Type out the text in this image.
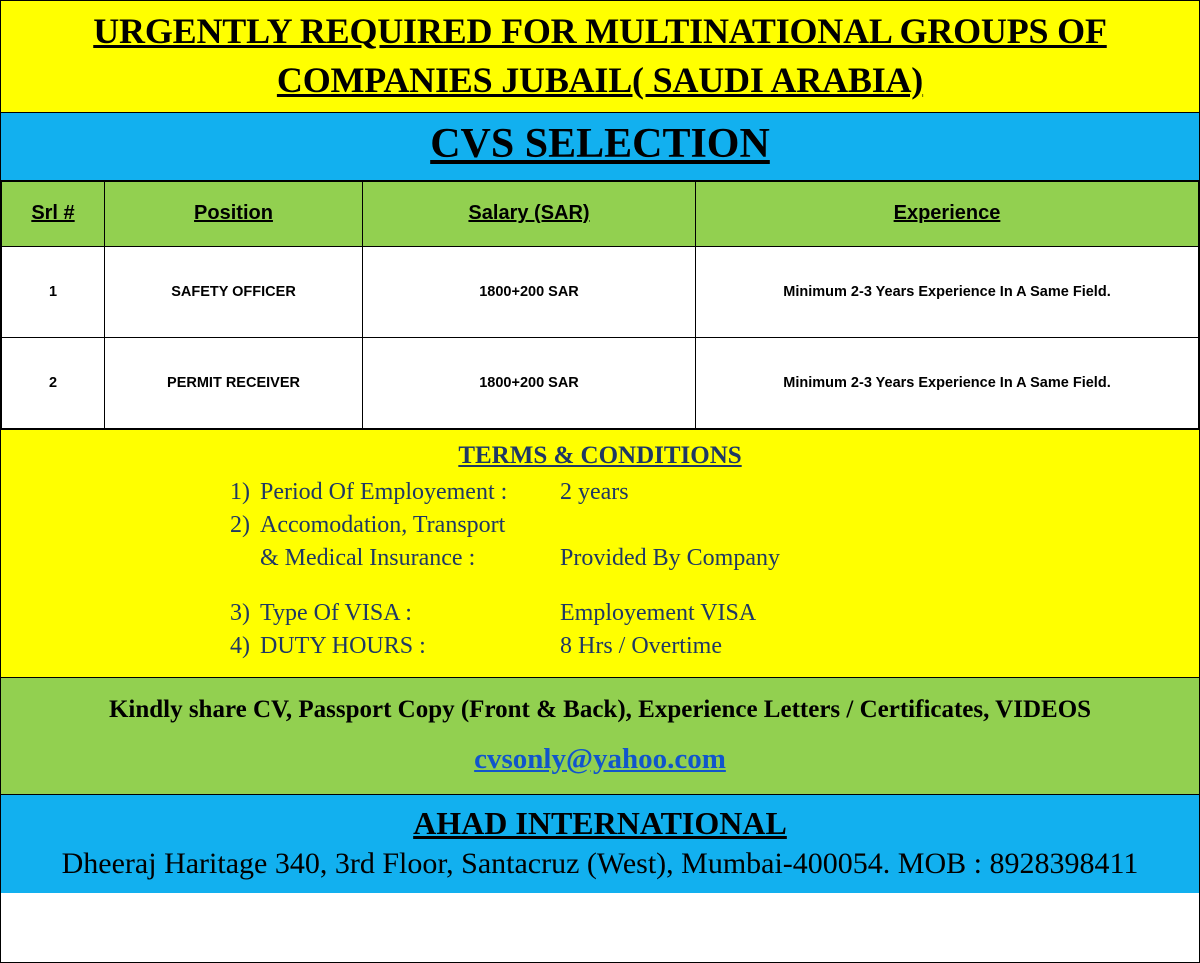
URGENTLY REQUIRED FOR MULTINATIONAL GROUPS OF COMPANIES JUBAIL( SAUDI ARABIA)
CVS SELECTION
Srl #	Position	Salary (SAR)	Experience
1	SAFETY OFFICER	1800+200 SAR	Minimum 2-3 Years Experience In A Same Field.
2	PERMIT RECEIVER	1800+200 SAR	Minimum 2-3 Years Experience In A Same Field.
TERMS & CONDITIONS
1) Period Of Employement :	2 years
2) Accomodation, Transport
& Medical Insurance :	Provided By Company
3) Type Of VISA :	Employement VISA
4) DUTY HOURS :	8 Hrs / Overtime
Kindly share CV, Passport Copy (Front & Back), Experience Letters / Certificates, VIDEOS
cvsonly@yahoo.com
AHAD INTERNATIONAL
Dheeraj Haritage 340, 3rd Floor, Santacruz (West), Mumbai-400054. MOB : 8928398411
